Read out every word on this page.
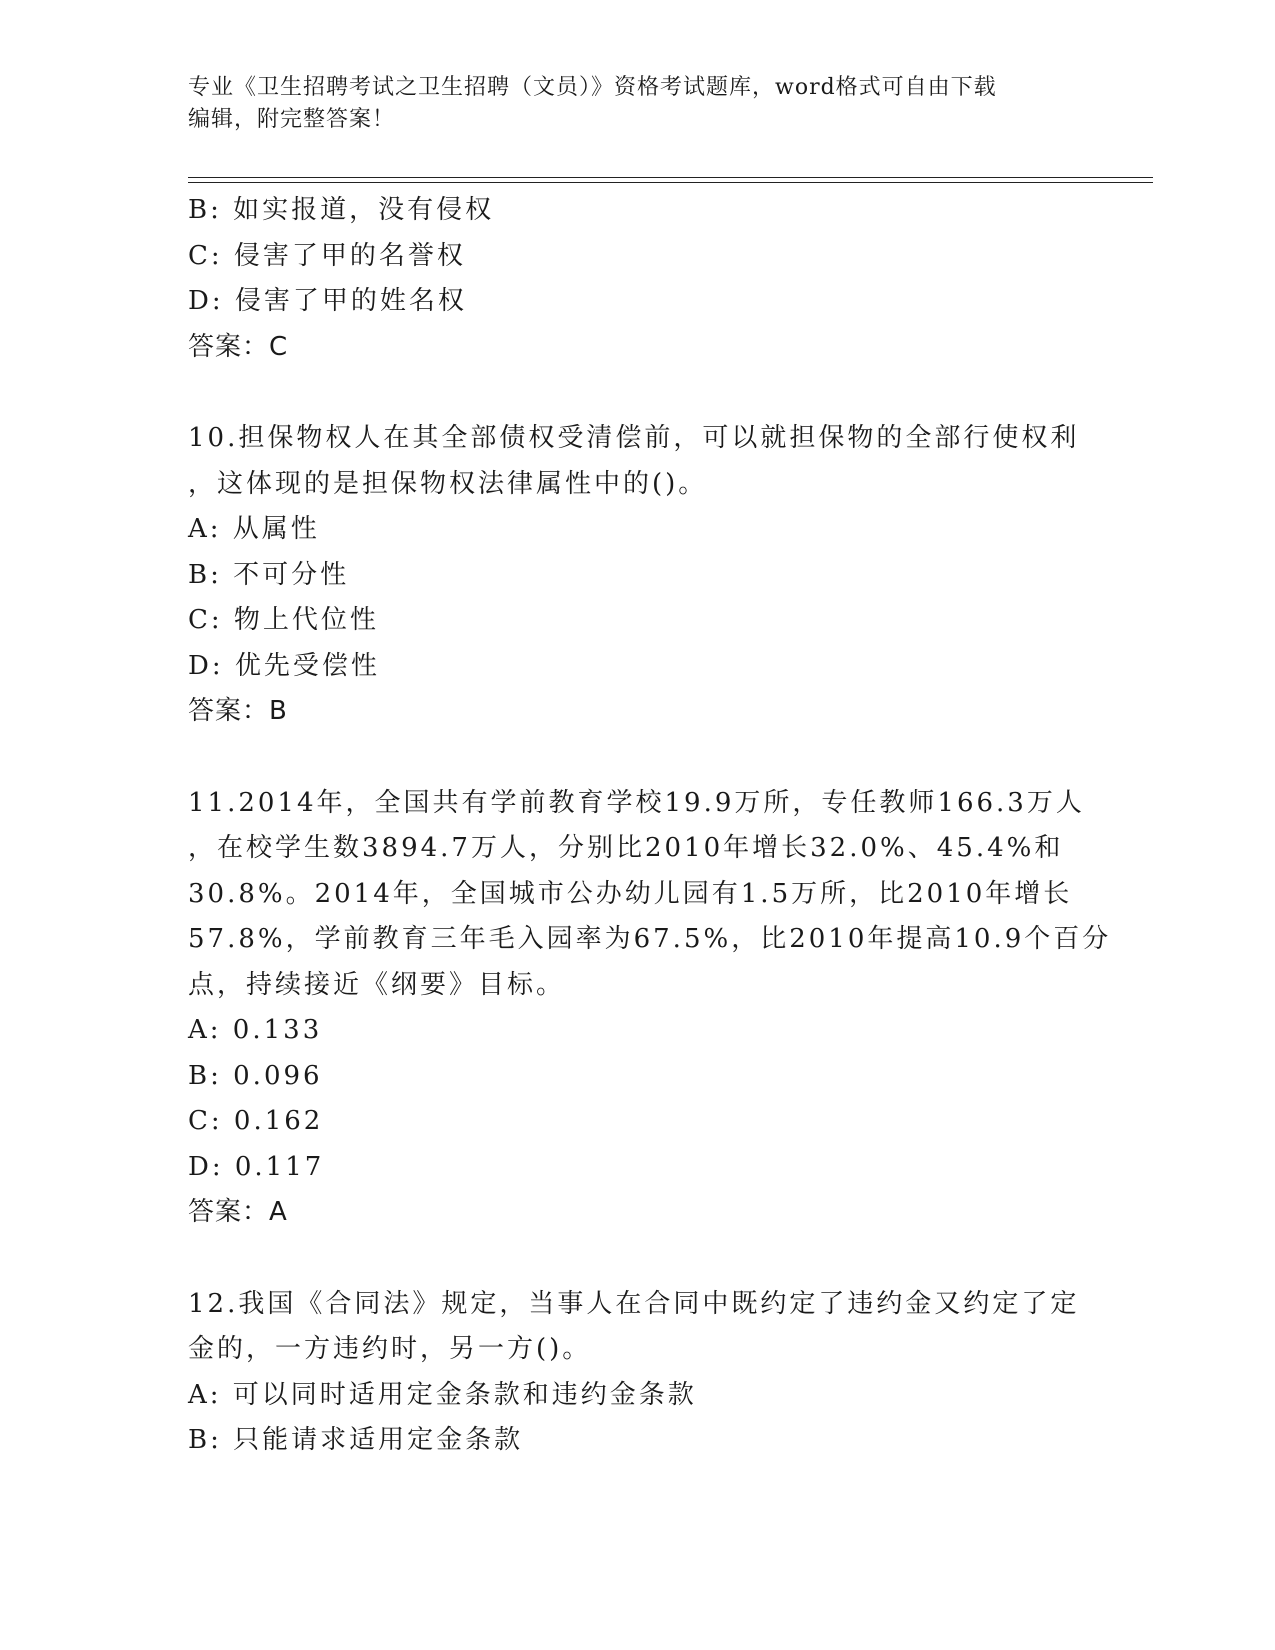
专业《卫生招聘考试之卫生招聘（文员）》资格考试题库，word格式可自由下载
编辑，附完整答案！
B: 如实报道，没有侵权
C: 侵害了甲的名誉权
D: 侵害了甲的姓名权
答案：C
10.担保物权人在其全部债权受清偿前，可以就担保物的全部行使权利
，这体现的是担保物权法律属性中的()。
A: 从属性
B: 不可分性
C: 物上代位性
D: 优先受偿性
答案：B
11.2014年，全国共有学前教育学校19.9万所，专任教师166.3万人
，在校学生数3894.7万人，分别比2010年增长32.0%、45.4%和
30.8%。2014年，全国城市公办幼儿园有1.5万所，比2010年增长
57.8%，学前教育三年毛入园率为67.5%，比2010年提高10.9个百分
点，持续接近《纲要》目标。
A: 0.133
B: 0.096
C: 0.162
D: 0.117
答案：A
12.我国《合同法》规定，当事人在合同中既约定了违约金又约定了定
金的，一方违约时，另一方()。
A: 可以同时适用定金条款和违约金条款
B: 只能请求适用定金条款
